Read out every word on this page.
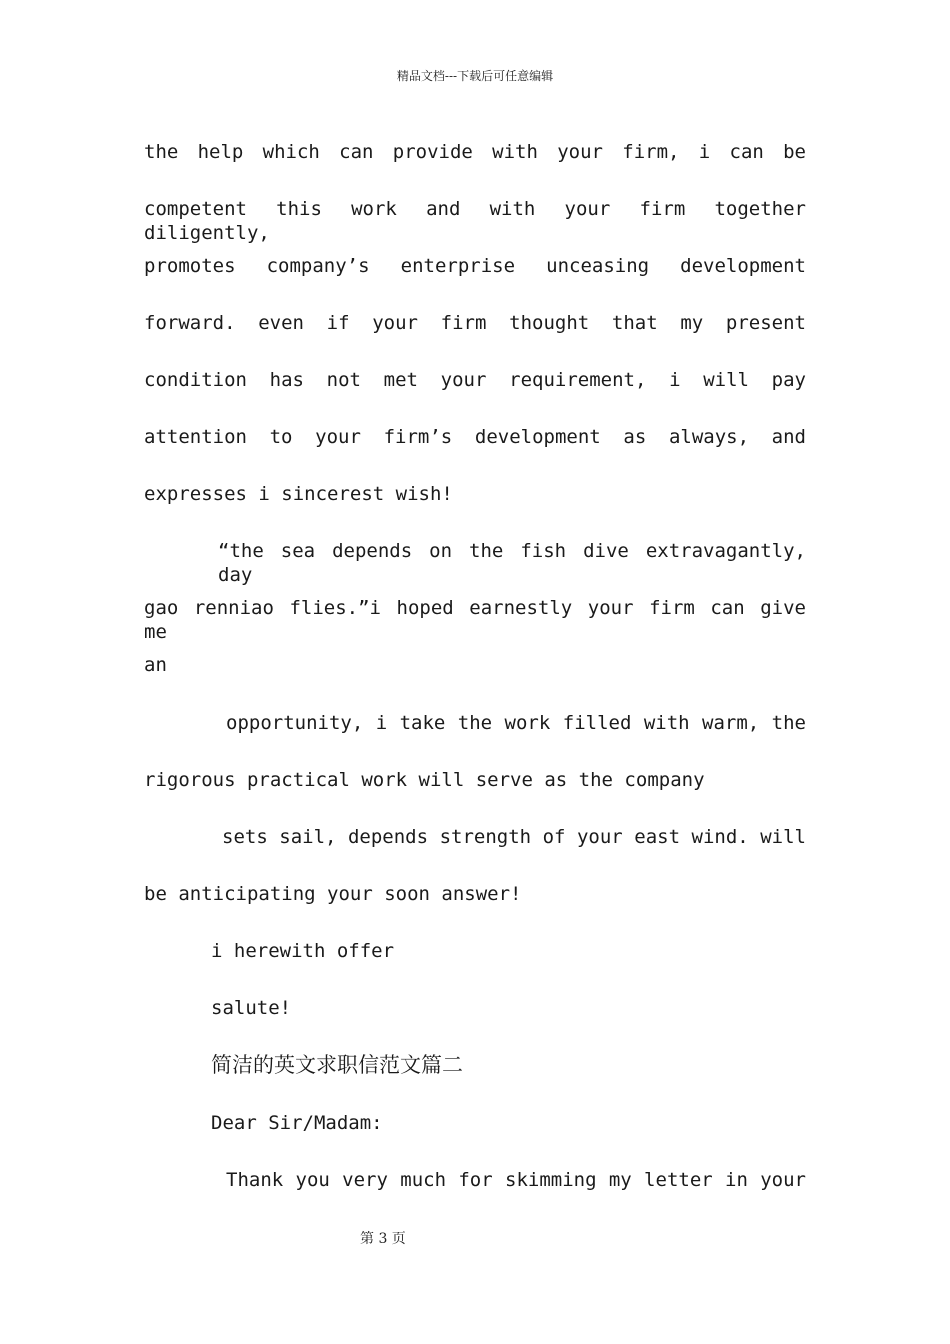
精品文档---下载后可任意编辑
the help which can provide with your firm, i can be
competent this work and with your firm together diligently,
promotes company’s enterprise unceasing development
forward. even if your firm thought that my present
condition has not met your requirement, i will pay
attention to your firm’s development as always, and
expresses i sincerest wish!
“the sea depends on the fish dive extravagantly, day
gao renniao flies.”i hoped earnestly your firm can give me
an
opportunity, i take the work filled with warm, the
rigorous practical work will serve as the company
sets sail, depends strength of your east wind. will
be anticipating your soon answer!
i herewith offer
salute!
简洁的英文求职信范文篇二
Dear Sir/Madam:
Thank you very much for skimming my letter in your
第 3 页
